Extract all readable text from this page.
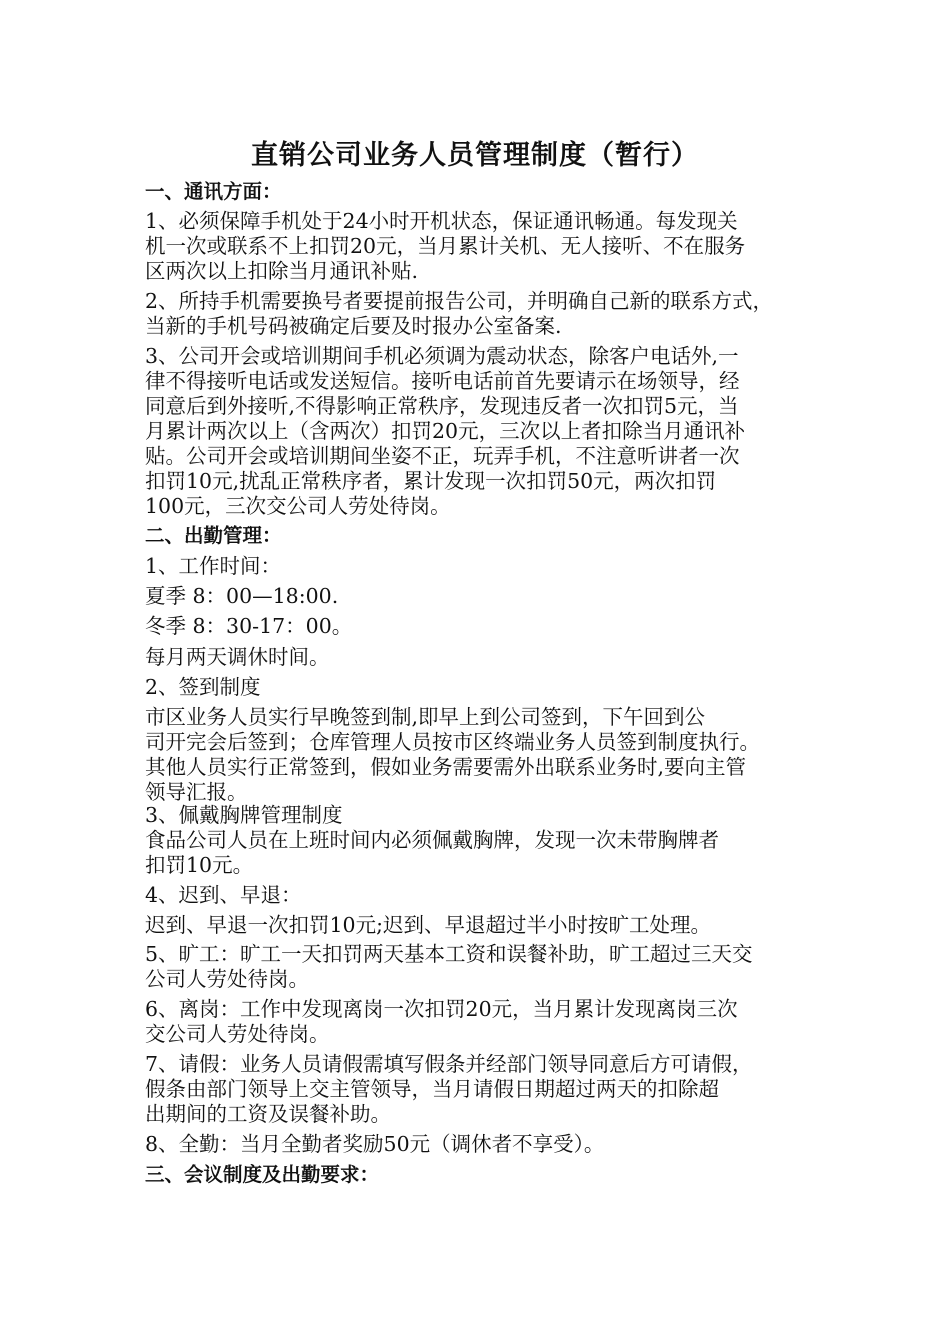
直销公司业务人员管理制度（暂行）
一、通讯方面：
1、必须保障手机处于24小时开机状态，保证通讯畅通。每发现关
机一次或联系不上扣罚20元，当月累计关机、无人接听、不在服务
区两次以上扣除当月通讯补贴.
2、所持手机需要换号者要提前报告公司，并明确自己新的联系方式，
当新的手机号码被确定后要及时报办公室备案.
3、公司开会或培训期间手机必须调为震动状态，除客户电话外,一
律不得接听电话或发送短信。接听电话前首先要请示在场领导，经
同意后到外接听,不得影响正常秩序，发现违反者一次扣罚5元，当
月累计两次以上（含两次）扣罚20元，三次以上者扣除当月通讯补
贴。公司开会或培训期间坐姿不正，玩弄手机，不注意听讲者一次
扣罚10元,扰乱正常秩序者，累计发现一次扣罚50元，两次扣罚
100元，三次交公司人劳处待岗。
二、出勤管理：
1、工作时间：
夏季 8：00—18:00.
冬季 8：30-17：00。
每月两天调休时间。
2、签到制度
市区业务人员实行早晚签到制,即早上到公司签到，下午回到公
司开完会后签到；仓库管理人员按市区终端业务人员签到制度执行。
其他人员实行正常签到，假如业务需要需外出联系业务时,要向主管
领导汇报。
3、佩戴胸牌管理制度
食品公司人员在上班时间内必须佩戴胸牌，发现一次未带胸牌者
扣罚10元。
4、迟到、早退：
迟到、早退一次扣罚10元;迟到、早退超过半小时按旷工处理。
5、旷工：旷工一天扣罚两天基本工资和误餐补助，旷工超过三天交
公司人劳处待岗。
6、离岗：工作中发现离岗一次扣罚20元，当月累计发现离岗三次
交公司人劳处待岗。
7、请假：业务人员请假需填写假条并经部门领导同意后方可请假，
假条由部门领导上交主管领导，当月请假日期超过两天的扣除超
出期间的工资及误餐补助。
8、全勤：当月全勤者奖励50元（调休者不享受）。
三、会议制度及出勤要求：
